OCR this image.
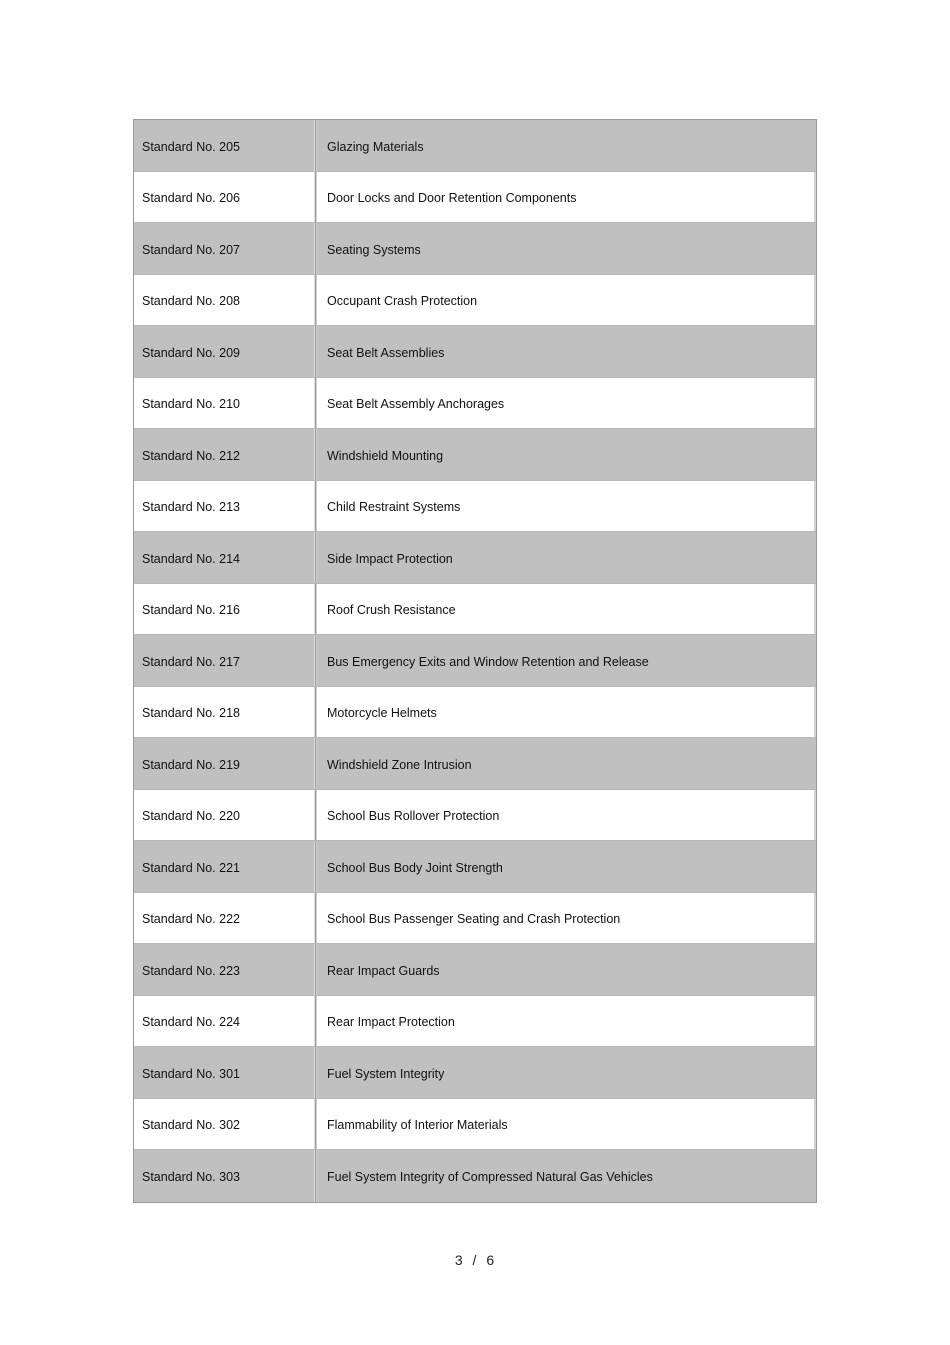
Standard No. 205	Glazing Materials
Standard No. 206	Door Locks and Door Retention Components
Standard No. 207	Seating Systems
Standard No. 208	Occupant Crash Protection
Standard No. 209	Seat Belt Assemblies
Standard No. 210	Seat Belt Assembly Anchorages
Standard No. 212	Windshield Mounting
Standard No. 213	Child Restraint Systems
Standard No. 214	Side Impact Protection
Standard No. 216	Roof Crush Resistance
Standard No. 217	Bus Emergency Exits and Window Retention and Release
Standard No. 218	Motorcycle Helmets
Standard No. 219	Windshield Zone Intrusion
Standard No. 220	School Bus Rollover Protection
Standard No. 221	School Bus Body Joint Strength
Standard No. 222	School Bus Passenger Seating and Crash Protection
Standard No. 223	Rear Impact Guards
Standard No. 224	Rear Impact Protection
Standard No. 301	Fuel System Integrity
Standard No. 302	Flammability of Interior Materials
Standard No. 303	Fuel System Integrity of Compressed Natural Gas Vehicles
3 / 6
